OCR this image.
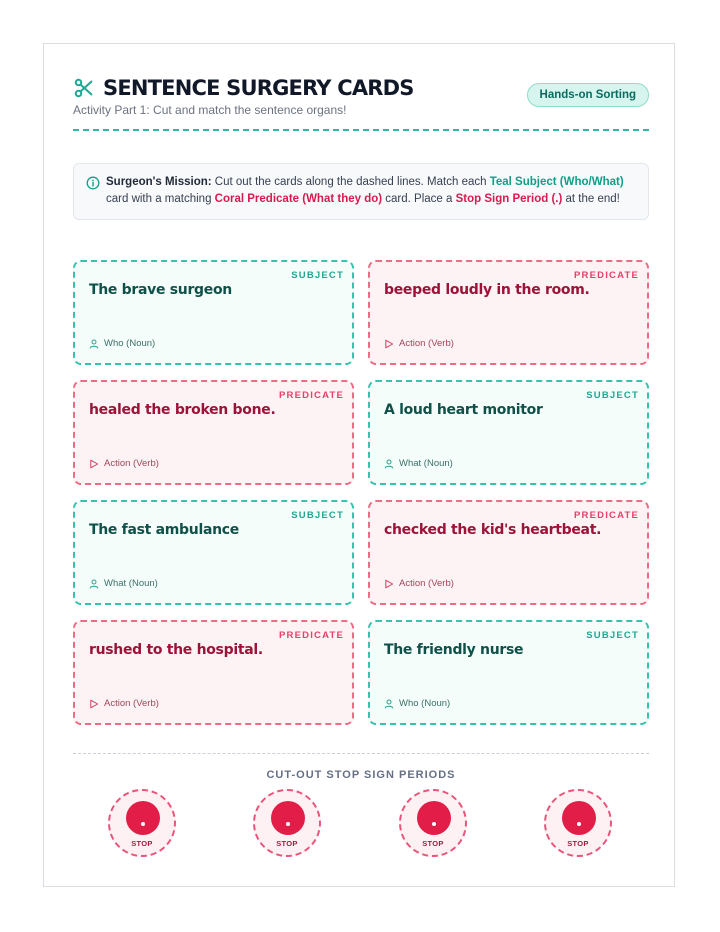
SENTENCE SURGERY CARDS
Activity Part 1: Cut and match the sentence organs!
Hands-on Sorting
Surgeon's Mission: Cut out the cards along the dashed lines. Match each Teal Subject (Who/What) card with a matching Coral Predicate (What they do) card. Place a Stop Sign Period (.) at the end!
SUBJECT
The brave surgeon
Who (Noun)
PREDICATE
beeped loudly in the room.
Action (Verb)
PREDICATE
healed the broken bone.
Action (Verb)
SUBJECT
A loud heart monitor
What (Noun)
SUBJECT
The fast ambulance
What (Noun)
PREDICATE
checked the kid's heartbeat.
Action (Verb)
PREDICATE
rushed to the hospital.
Action (Verb)
SUBJECT
The friendly nurse
Who (Noun)
CUT-OUT STOP SIGN PERIODS
STOP	STOP	STOP	STOP
